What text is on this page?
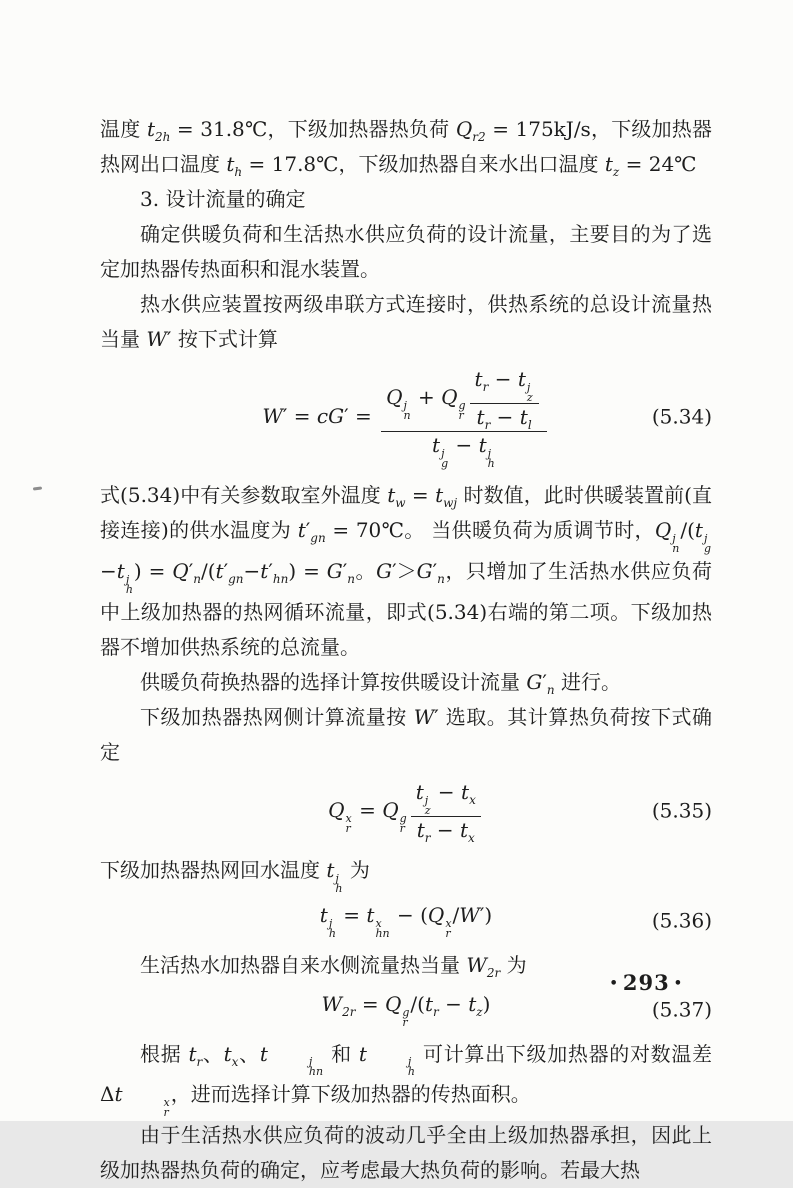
温度 $t_{2h}$ = 31.8℃，下级加热器热负荷 $Q_{r2} = 175kJ/s$，下级加热器热网出口温度 $t_h$ = 17.8℃，下级加热器自来水出口温度 $t_z$ = 24℃

3. 设计流量的确定

确定供暖负荷和生活热水供应负荷的设计流量，主要目的为了选定加热器传热面积和混水装置。

热水供应装置按两级串联方式连接时，供热系统的总设计流量热当量 W′ 按下式计算

W′ = cG′ = Q j
n
+ Q g
r $t_r - t$ j
z
$t_r - t_l$
t j
g
− t j
h	(5.34)

式(5.34)中有关参数取室外温度 $t_w = t_{wj}$ 时数值，此时供暖装置前(直接连接)的供水温度为 $t'_{gn}$ = 70℃。 当供暖负荷为质调节时，Q j
n
/(t j
g
−t j
h
) = $Q'_n/(t'_{gn}-t'_{hn}) = G'_n$。$G'>G'_n$，只增加了生活热水供应负荷中上级加热器的热网循环流量，即式(5.34)右端的第二项。下级加热器不增加供热系统的总流量。

供暖负荷换热器的选择计算按供暖设计流量 $G'_n$ 进行。

下级加热器热网侧计算流量按 W′ 选取。其计算热负荷按下式确定

Q x
r
= Q g
r t j
z
− $t_x$
$t_r - t_x$	(5.35)

下级加热器热网回水温度 t j
h
为

t j
h
= t x
hn
− (Q x
r
/W′)	(5.36)

生活热水加热器自来水侧流量热当量 $W_{2r}$ 为

$W_{2r} = Q$ g
r
$/(t_r - t_z)$	(5.37)

根据 $t_r$、$t_x$、t	j
hn
和 t	j
h
可计算出下级加热器的对数温差 Δt	x
r
，进而选择计算下级加热器的传热面积。

由于生活热水供应负荷的波动几乎全由上级加热器承担，因此上级加热器热负荷的确定，应考虑最大热负荷的影响。若最大热

• 293 •
